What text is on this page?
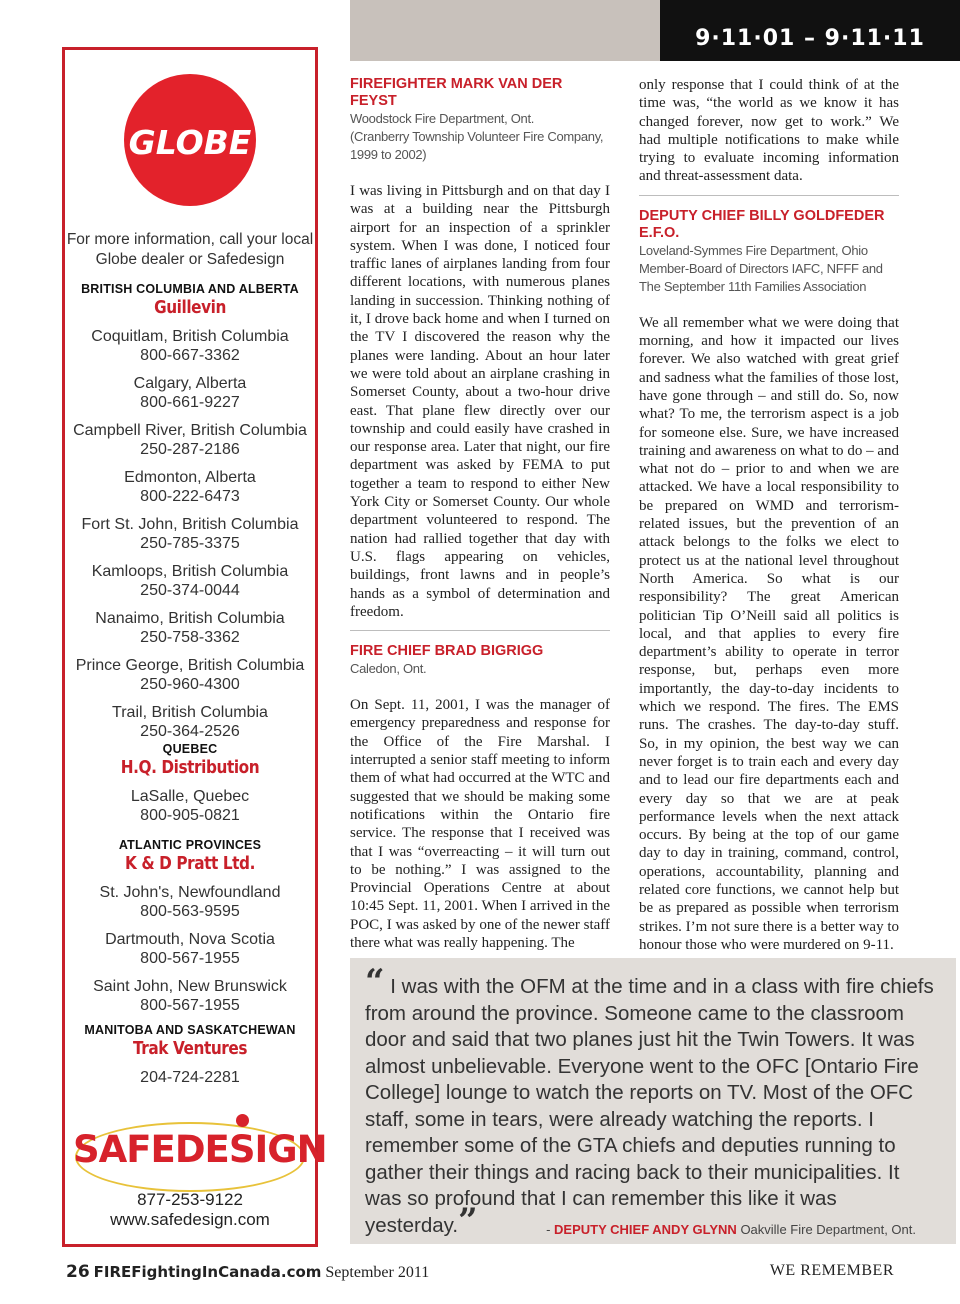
9·11·01 – 9·11·11
GLOBE
For more information, call your local Globe dealer or Safedesign
BRITISH COLUMBIA AND ALBERTA
Guillevin
Coquitlam, British Columbia
800-667-3362
Calgary, Alberta
800-661-9227
Campbell River, British Columbia
250-287-2186
Edmonton, Alberta
800-222-6473
Fort St. John, British Columbia
250-785-3375
Kamloops, British Columbia
250-374-0044
Nanaimo, British Columbia
250-758-3362
Prince George, British Columbia
250-960-4300
Trail, British Columbia
250-364-2526
QUEBEC
H.Q. Distribution
LaSalle, Quebec
800-905-0821
ATLANTIC PROVINCES
K & D Pratt Ltd.
St. John's, Newfoundland
800-563-9595
Dartmouth, Nova Scotia
800-567-1955
Saint John, New Brunswick
800-567-1955
MANITOBA AND SASKATCHEWAN
Trak Ventures
204-724-2281
SAFEDESIGN
877-253-9122
www.safedesign.com

FIREFIGHTER MARK VAN DER FEYST

Woodstock Fire Department, Ont.

(Cranberry Township Volunteer Fire Company, 1999 to 2002)

I was living in Pittsburgh and on that day I was at a building near the Pittsburgh airport for an inspection of a sprinkler system. When I was done, I noticed four traffic lanes of airplanes landing from four different locations, with numerous planes landing in succession. Thinking nothing of it, I drove back home and when I turned on the TV I discovered the reason why the planes were landing. About an hour later we were told about an airplane crashing in Somerset County, about a two-hour drive east. That plane flew directly over our township and could easily have crashed in our response area. Later that night, our fire department was asked by FEMA to put together a team to respond to either New York City or Somerset County. Our whole department volunteered to respond. The nation had rallied together that day with U.S. flags appearing on vehicles, buildings, front lawns and in people’s hands as a symbol of determination and freedom.

FIRE CHIEF BRAD BIGRIGG

Caledon, Ont.

On Sept. 11, 2001, I was the manager of emergency preparedness and response for the Office of the Fire Marshal. I interrupted a senior staff meeting to inform them of what had occurred at the WTC and suggested that we should be making some notifications within the Ontario fire service. The response that I received was that I was “overreacting – it will turn out to be nothing.” I was assigned to the Provincial Operations Centre at about 10:45 Sept. 11, 2001. When I arrived in the POC, I was asked by one of the newer staff there what was really happening. The

only response that I could think of at the time was, “the world as we know it has changed forever, now get to work.” We had multiple notifications to make while trying to evaluate incoming information and threat-assessment data.

DEPUTY CHIEF BILLY GOLDFEDER E.F.O.

Loveland-Symmes Fire Department, Ohio

Member-Board of Directors IAFC, NFFF and The September 11th Families Association

We all remember what we were doing that morning, and how it impacted our lives forever. We also watched with great grief and sadness what the families of those lost, have gone through – and still do. So, now what? To me, the terrorism aspect is a job for someone else. Sure, we have increased training and awareness on what to do – and what not do – prior to and when we are attacked. We have a local responsibility to be prepared on WMD and terrorism-related issues, but the prevention of an attack belongs to the folks we elect to protect us at the national level throughout North America. So what is our responsibility? The great American politician Tip O’Neill said all politics is local, and that applies to every fire department’s ability to operate in terror response, but, perhaps even more importantly, the day-to-day incidents to which we respond. The fires. The EMS runs. The crashes. The day-to-day stuff. So, in my opinion, the best way we can never forget is to train each and every day and to lead our fire departments each and every day so that we are at peak performance levels when the next attack occurs. By being at the top of our game day to day in training, command, control, operations, accountability, planning and related core functions, we cannot help but be as prepared as possible when terrorism strikes. I’m not sure there is a better way to honour those who were murdered on 9-11.

“ I was with the OFM at the time and in a class with fire chiefs from around the province. Someone came to the classroom door and said that two planes just hit the Twin Towers. It was almost unbelievable. Everyone went to the OFC [Ontario Fire College] lounge to watch the reports on TV. Most of the OFC staff, some in tears, were already watching the reports. I remember some of the GTA chiefs and deputies running to gather their things and racing back to their municipalities. It was so profound that I can remember this like it was yesterday.”	- DEPUTY CHIEF ANDY GLYNN Oakville Fire Department, Ont.
26 FIREFightingInCanada.com September 2011	WE REMEMBER
